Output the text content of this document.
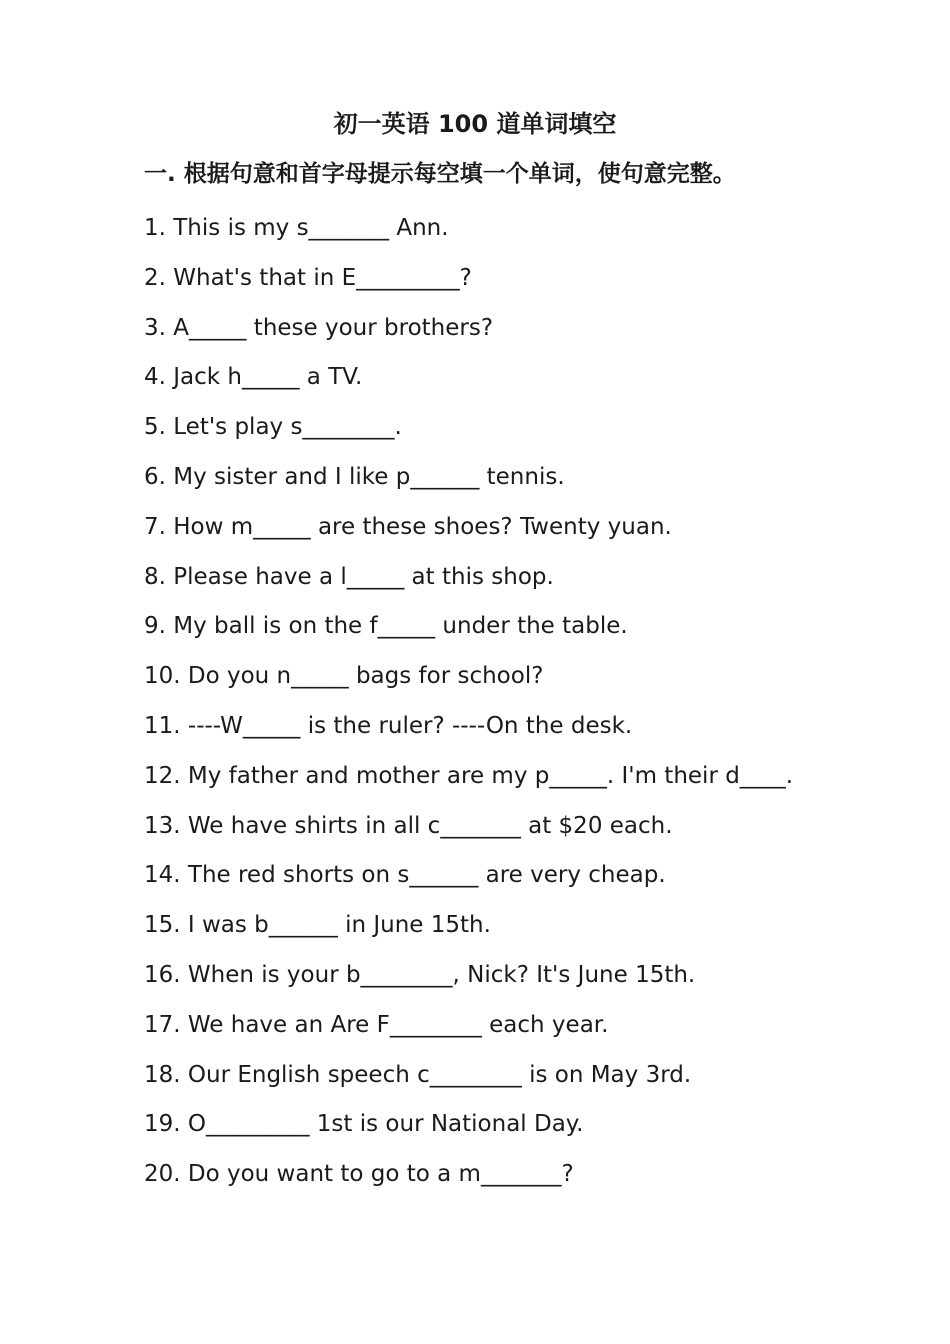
初一英语 100 道单词填空
一. 根据句意和首字母提示每空填一个单词，使句意完整。
1. This is my s_______ Ann.
2. What's that in E_________?
3. A_____ these your brothers?
4. Jack h_____ a TV.
5. Let's play s________.
6. My sister and I like p______ tennis.
7. How m_____ are these shoes? Twenty yuan.
8. Please have a l_____ at this shop.
9. My ball is on the f_____ under the table.
10. Do you n_____ bags for school?
11. ----W_____ is the ruler? ----On the desk.
12. My father and mother are my p_____. I'm their d____.
13. We have shirts in all c_______ at $20 each.
14. The red shorts on s______ are very cheap.
15. I was b______ in June 15th.
16. When is your b________, Nick? It's June 15th.
17. We have an Are F________ each year.
18. Our English speech c________ is on May 3rd.
19. O_________ 1st is our National Day.
20. Do you want to go to a m_______?
